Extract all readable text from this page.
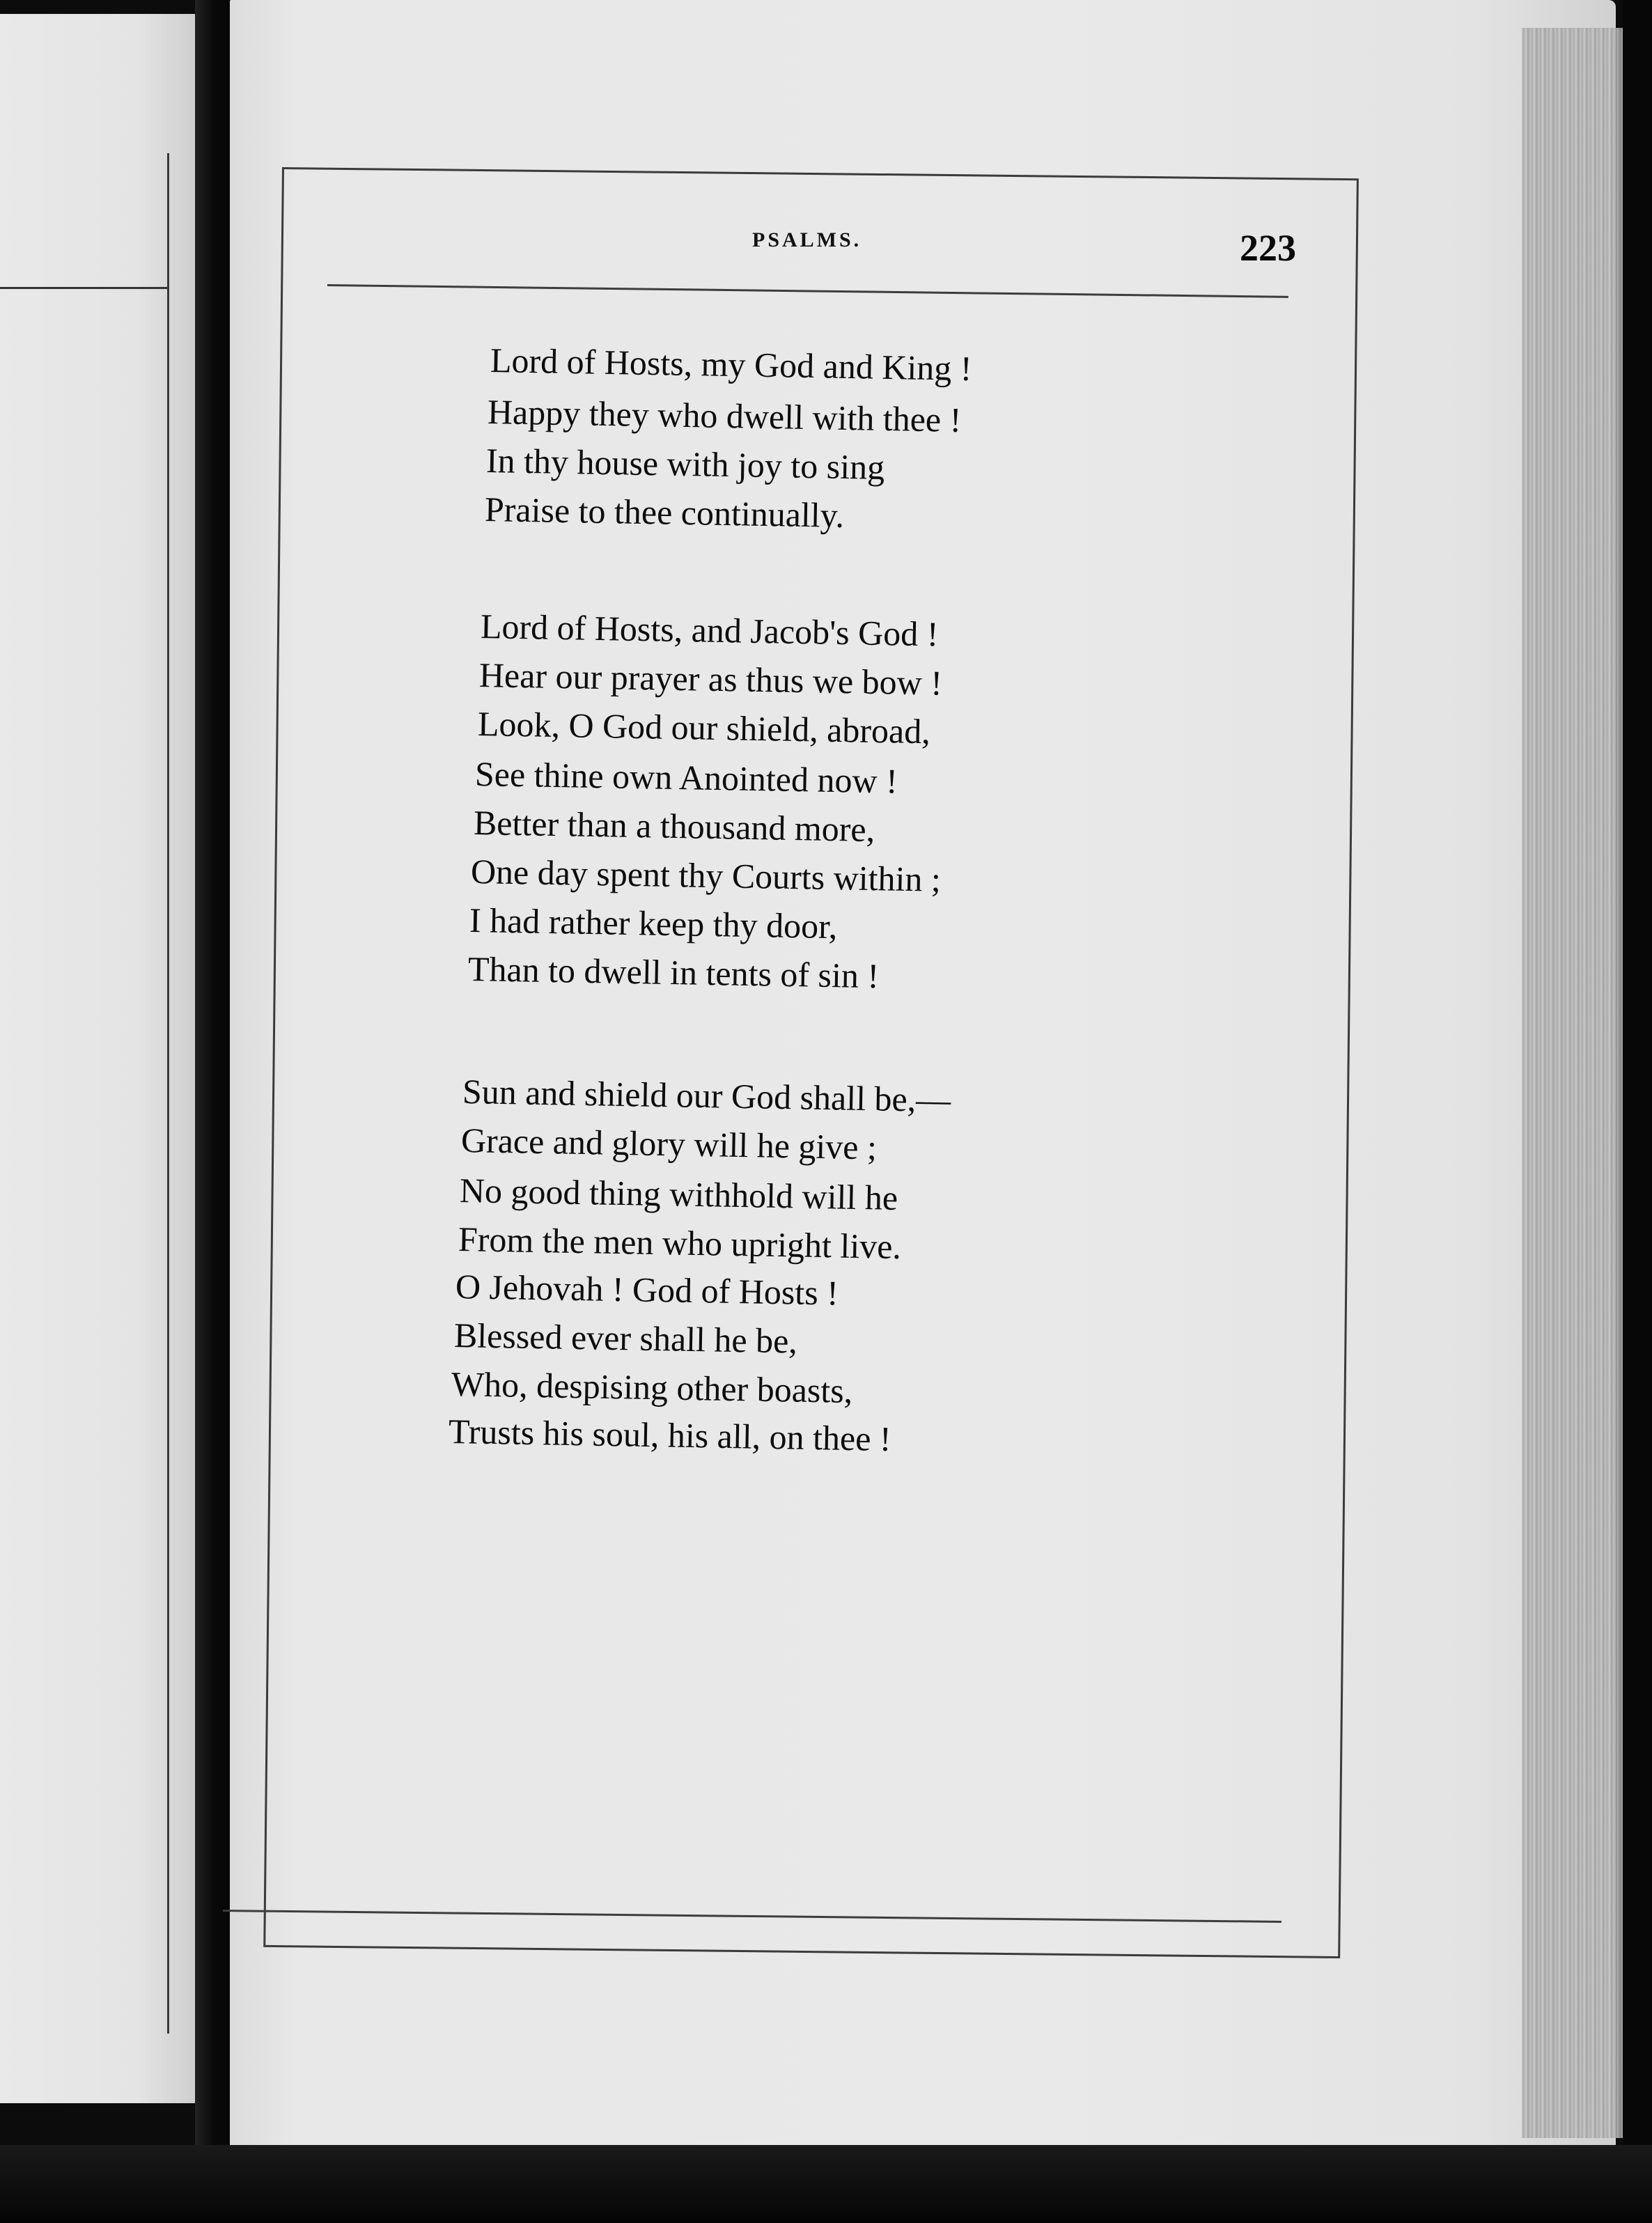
PSALMS.	223
Lord of Hosts, my God and King !
Happy they who dwell with thee !
In thy house with joy to sing
Praise to thee continually.
Lord of Hosts, and Jacob's God !
Hear our prayer as thus we bow !
Look, O God our shield, abroad,
See thine own Anointed now !
Better than a thousand more,
One day spent thy Courts within ;
I had rather keep thy door,
Than to dwell in tents of sin !
Sun and shield our God shall be,—
Grace and glory will he give ;
No good thing withhold will he
From the men who upright live.
O Jehovah ! God of Hosts !
Blessed ever shall he be,
Who, despising other boasts,
Trusts his soul, his all, on thee !
